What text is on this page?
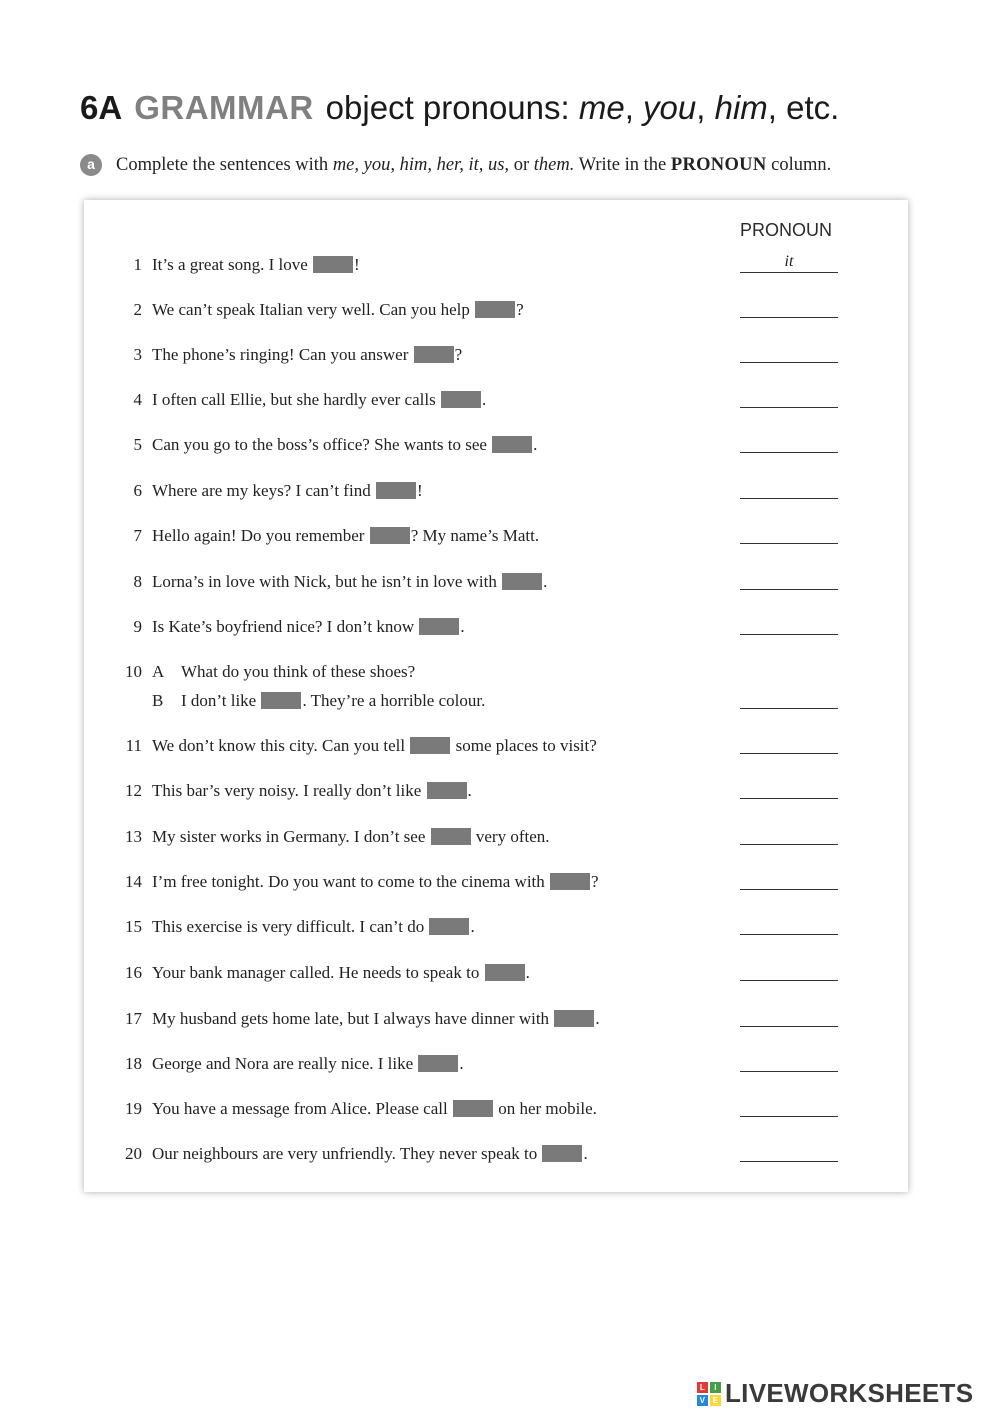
6A GRAMMAR object pronouns: me, you, him, etc.
a	Complete the sentences with me, you, him, her, it, us, or them. Write in the PRONOUN column.
PRONOUN
1 It’s a great song. I love !	it
2 We can’t speak Italian very well. Can you help ?
3 The phone’s ringing! Can you answer ?
4 I often call Ellie, but she hardly ever calls .
5 Can you go to the boss’s office? She wants to see .
6 Where are my keys? I can’t find !
7 Hello again! Do you remember ? My name’s Matt.
8 Lorna’s in love with Nick, but he isn’t in love with .
9 Is Kate’s boyfriend nice? I don’t know .
10 A What do you think of these shoes?
B I don’t like . They’re a horrible colour.
11 We don’t know this city. Can you tell  some places to visit?
12 This bar’s very noisy. I really don’t like .
13 My sister works in Germany. I don’t see  very often.
14 I’m free tonight. Do you want to come to the cinema with ?
15 This exercise is very difficult. I can’t do .
16 Your bank manager called. He needs to speak to .
17 My husband gets home late, but I always have dinner with .
18 George and Nora are really nice. I like .
19 You have a message from Alice. Please call  on her mobile.
20 Our neighbours are very unfriendly. They never speak to .
L	I
V E LIVEWORKSHEETS
